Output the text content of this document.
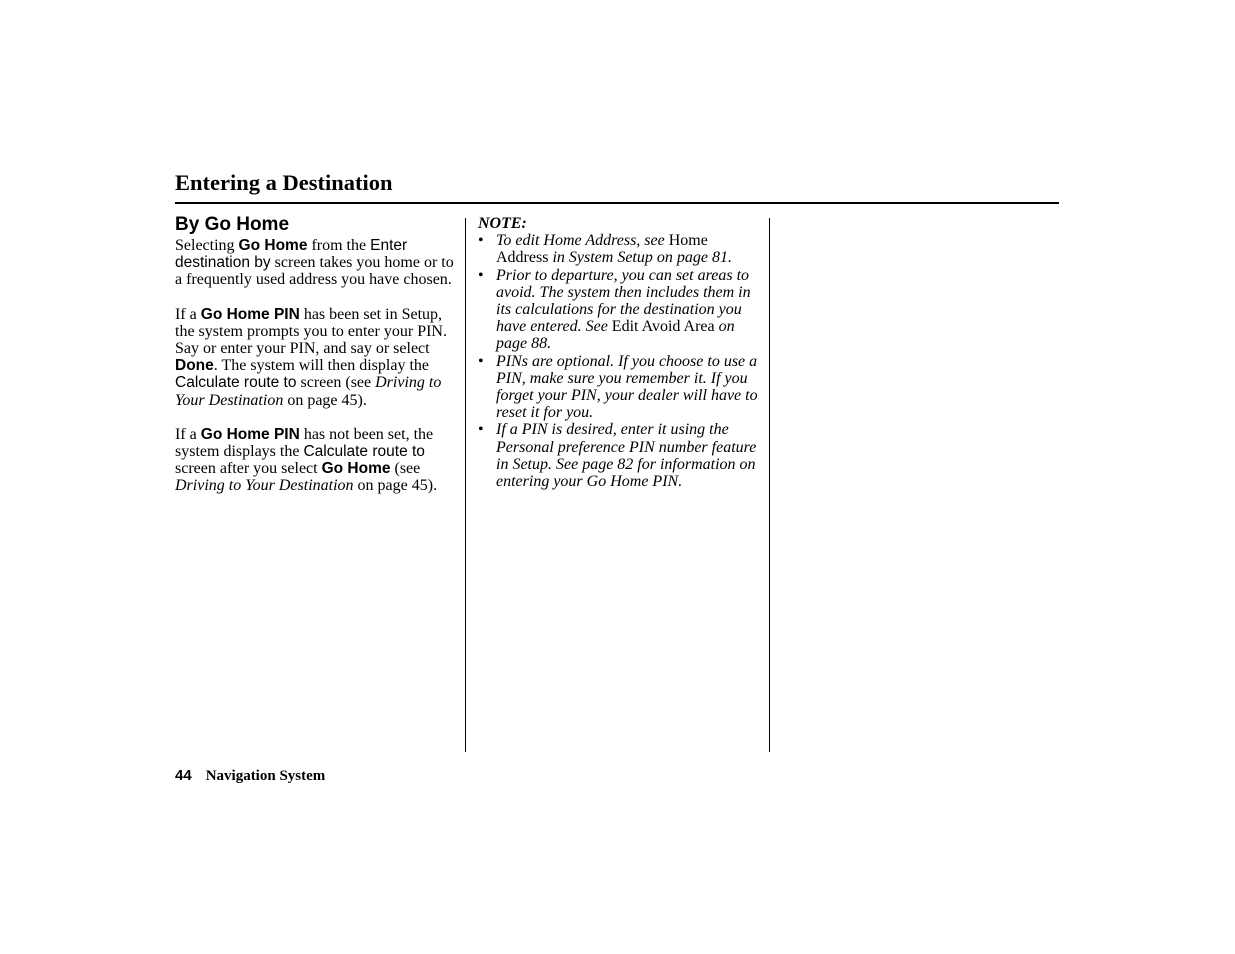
Entering a Destination
By Go Home

Selecting Go Home from the Enter destination by screen takes you home or to a frequently used address you have chosen.

If a Go Home PIN has been set in Setup, the system prompts you to enter your PIN. Say or enter your PIN, and say or select Done. The system will then display the Calculate route to screen (see Driving to Your Destination on page 45).

If a Go Home PIN has not been set, the system displays the Calculate route to screen after you select Go Home (see Driving to Your Destination on page 45).

NOTE:

• To edit Home Address, see Home Address in System Setup on page 81.
• Prior to departure, you can set areas to avoid. The system then includes them in its calculations for the destination you have entered. See Edit Avoid Area on page 88.
• PINs are optional. If you choose to use a PIN, make sure you remember it. If you forget your PIN, your dealer will have to reset it for you.
• If a PIN is desired, enter it using the Personal preference PIN number feature in Setup. See page 82 for information on entering your Go Home PIN.
44 Navigation System
